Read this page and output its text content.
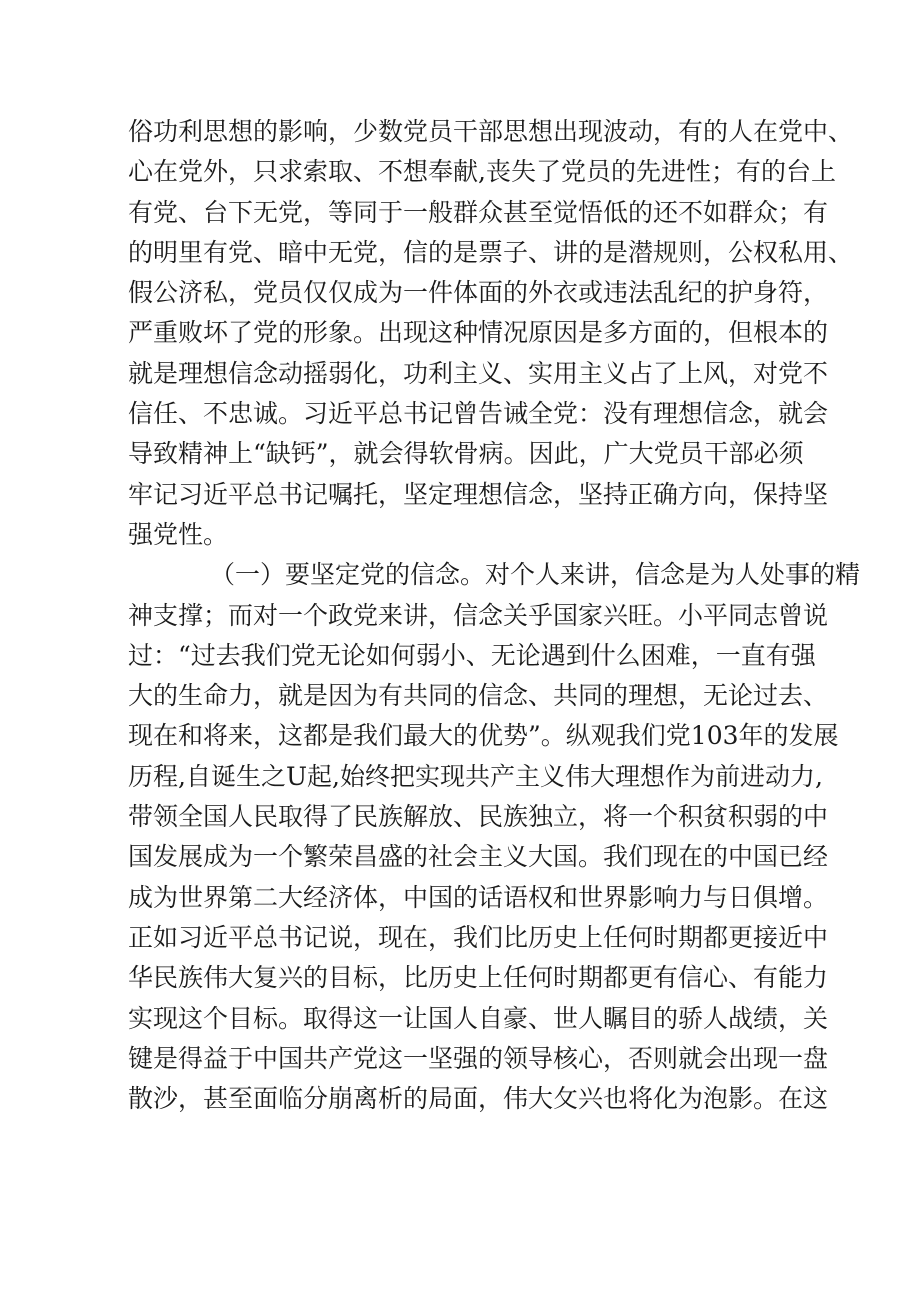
俗功利思想的影响，少数党员干部思想出现波动，有的人在党中、
心在党外，只求索取、不想奉献,丧失了党员的先进性；有的台上
有党、台下无党，等同于一般群众甚至觉悟低的还不如群众；有
的明里有党、暗中无党，信的是票子、讲的是潜规则，公权私用、
假公济私，党员仅仅成为一件体面的外衣或违法乱纪的护身符，
严重败坏了党的形象。出现这种情况原因是多方面的，但根本的
就是理想信念动摇弱化，功利主义、实用主义占了上风，对党不
信任、不忠诚。习近平总书记曾告诫全党：没有理想信念，就会
导致精神上“缺钙”，就会得软骨病。因此，广大党员干部必须
牢记习近平总书记嘱托，坚定理想信念，坚持正确方向，保持坚
强党性。
（一）要坚定党的信念。对个人来讲，信念是为人处事的精
神支撑；而对一个政党来讲，信念关乎国家兴旺。小平同志曾说
过：“过去我们党无论如何弱小、无论遇到什么困难，一直有强
大的生命力，就是因为有共同的信念、共同的理想，无论过去、
现在和将来，这都是我们最大的优势”。纵观我们党103年的发展
历程,自诞生之U起,始终把实现共产主义伟大理想作为前进动力,
带领全国人民取得了民族解放、民族独立，将一个积贫积弱的中
国发展成为一个繁荣昌盛的社会主义大国。我们现在的中国已经
成为世界第二大经济体，中国的话语权和世界影响力与日俱增。
正如习近平总书记说，现在，我们比历史上任何时期都更接近中
华民族伟大复兴的目标，比历史上任何时期都更有信心、有能力
实现这个目标。取得这一让国人自豪、世人瞩目的骄人战绩，关
键是得益于中国共产党这一坚强的领导核心，否则就会出现一盘
散沙，甚至面临分崩离析的局面，伟大攵兴也将化为泡影。在这
